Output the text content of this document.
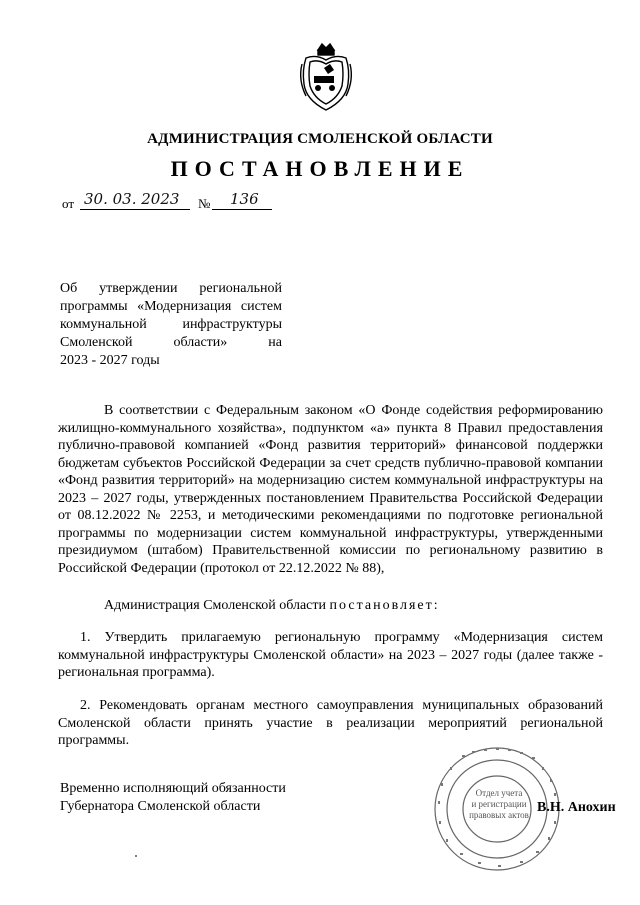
АДМИНИСТРАЦИЯ СМОЛЕНСКОЙ ОБЛАСТИ
ПОСТАНОВЛЕНИЕ
от 30. 03. 2023 № 136
Об утверждении региональной
программы «Модернизация систем
коммунальной инфраструктуры
Смоленской области» на
2023 - 2027 годы
В соответствии с Федеральным законом «О Фонде содействия реформированию жилищно-коммунального хозяйства», подпунктом «а» пункта 8 Правил предоставления публично-правовой компанией «Фонд развития территорий» финансовой поддержки бюджетам субъектов Российской Федерации за счет средств публично-правовой компании «Фонд развития территорий» на модернизацию систем коммунальной инфраструктуры на 2023 – 2027 годы, утвержденных постановлением Правительства Российской Федерации от 08.12.2022 № 2253, и методическими рекомендациями по подготовке региональной программы по модернизации систем коммунальной инфраструктуры, утвержденными президиумом (штабом) Правительственной комиссии по региональному развитию в Российской Федерации (протокол от 22.12.2022 № 88),
Администрация Смоленской области постановляет:
1. Утвердить прилагаемую региональную программу «Модернизация систем коммунальной инфраструктуры Смоленской области» на 2023 – 2027 годы (далее также - региональная программа).
2. Рекомендовать органам местного самоуправления муниципальных образований Смоленской области принять участие в реализации мероприятий региональной программы.
Временно исполняющий обязанности
Губернатора Смоленской области
Отдел учета
и регистрации
правовых актов В.Н. Анохин
